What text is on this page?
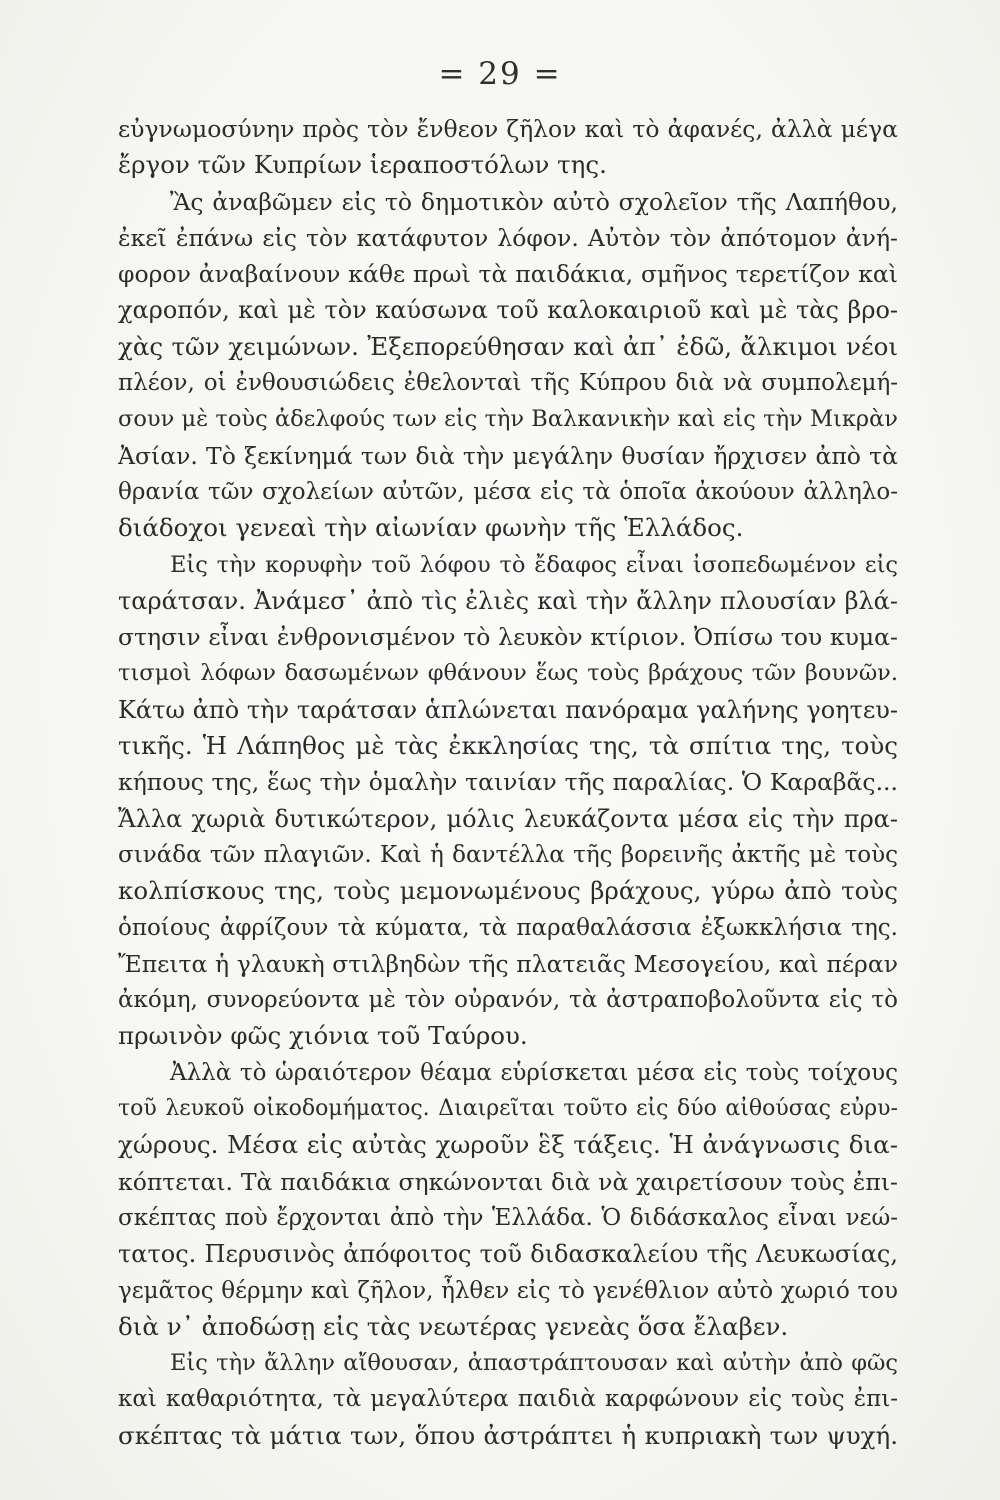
= 29 =
εὐγνωμοσύνην πρὸς τὸν ἔνθεον ζῆλον καὶ τὸ ἀφανές, ἀλλὰ μέγα
ἔργον τῶν Κυπρίων ἱεραποστόλων της.
Ἂς ἀναβῶμεν εἰς τὸ δημοτικὸν αὐτὸ σχολεῖον τῆς Λαπήθου,
ἐκεῖ ἐπάνω εἰς τὸν κατάφυτον λόφον. Αὐτὸν τὸν ἀπότομον ἀνή-
φορον ἀναβαίνουν κάθε πρωὶ τὰ παιδάκια, σμῆνος τερετίζον καὶ
χαροπόν, καὶ μὲ τὸν καύσωνα τοῦ καλοκαιριοῦ καὶ μὲ τὰς βρο-
χὰς τῶν χειμώνων. Ἐξεπορεύθησαν καὶ ἀπ᾽ ἐδῶ, ἄλκιμοι νέοι
πλέον, οἱ ἐνθουσιώδεις ἐθελονταὶ τῆς Κύπρου διὰ νὰ συμπολεμή-
σουν μὲ τοὺς ἀδελφούς των εἰς τὴν Βαλκανικὴν καὶ εἰς τὴν Μικρὰν
Ἀσίαν. Τὸ ξεκίνημά των διὰ τὴν μεγάλην θυσίαν ἤρχισεν ἀπὸ τὰ
θρανία τῶν σχολείων αὐτῶν, μέσα εἰς τὰ ὁποῖα ἀκούουν ἀλληλο-
διάδοχοι γενεαὶ τὴν αἰωνίαν φωνὴν τῆς Ἑλλάδος.
Εἰς τὴν κορυφὴν τοῦ λόφου τὸ ἔδαφος εἶναι ἰσοπεδωμένον εἰς
ταράτσαν. Ἀνάμεσ᾽ ἀπὸ τὶς ἐλιὲς καὶ τὴν ἄλλην πλουσίαν βλά-
στησιν εἶναι ἐνθρονισμένον τὸ λευκὸν κτίριον. Ὀπίσω του κυμα-
τισμοὶ λόφων δασωμένων φθάνουν ἕως τοὺς βράχους τῶν βουνῶν.
Κάτω ἀπὸ τὴν ταράτσαν ἁπλώνεται πανόραμα γαλήνης γοητευ-
τικῆς. Ἡ Λάπηθος μὲ τὰς ἐκκλησίας της, τὰ σπίτια της, τοὺς
κήπους της, ἕως τὴν ὁμαλὴν ταινίαν τῆς παραλίας. Ὁ Καραβᾶς...
Ἄλλα χωριὰ δυτικώτερον, μόλις λευκάζοντα μέσα εἰς τὴν πρα-
σινάδα τῶν πλαγιῶν. Καὶ ἡ δαντέλλα τῆς βορεινῆς ἀκτῆς μὲ τοὺς
κολπίσκους της, τοὺς μεμονωμένους βράχους, γύρω ἀπὸ τοὺς
ὁποίους ἀφρίζουν τὰ κύματα, τὰ παραθαλάσσια ἐξωκκλήσια της.
Ἔπειτα ἡ γλαυκὴ στιλβηδὼν τῆς πλατειᾶς Μεσογείου, καὶ πέραν
ἀκόμη, συνορεύοντα μὲ τὸν οὐρανόν, τὰ ἀστραποβολοῦντα εἰς τὸ
πρωινὸν φῶς χιόνια τοῦ Ταύρου.
Ἀλλὰ τὸ ὡραιότερον θέαμα εὑρίσκεται μέσα εἰς τοὺς τοίχους
τοῦ λευκοῦ οἰκοδομήματος. Διαιρεῖται τοῦτο εἰς δύο αἰθούσας εὐρυ-
χώρους. Μέσα εἰς αὐτὰς χωροῦν ἓξ τάξεις. Ἡ ἀνάγνωσις δια-
κόπτεται. Τὰ παιδάκια σηκώνονται διὰ νὰ χαιρετίσουν τοὺς ἐπι-
σκέπτας ποὺ ἔρχονται ἀπὸ τὴν Ἑλλάδα. Ὁ διδάσκαλος εἶναι νεώ-
τατος. Περυσινὸς ἀπόφοιτος τοῦ διδασκαλείου τῆς Λευκωσίας,
γεμᾶτος θέρμην καὶ ζῆλον, ἦλθεν εἰς τὸ γενέθλιον αὐτὸ χωριό του
διὰ ν᾽ ἀποδώσῃ εἰς τὰς νεωτέρας γενεὰς ὅσα ἔλαβεν.
Εἰς τὴν ἄλλην αἴθουσαν, ἀπαστράπτουσαν καὶ αὐτὴν ἀπὸ φῶς
καὶ καθαριότητα, τὰ μεγαλύτερα παιδιὰ καρφώνουν εἰς τοὺς ἐπι-
σκέπτας τὰ μάτια των, ὅπου ἀστράπτει ἡ κυπριακὴ των ψυχή.
